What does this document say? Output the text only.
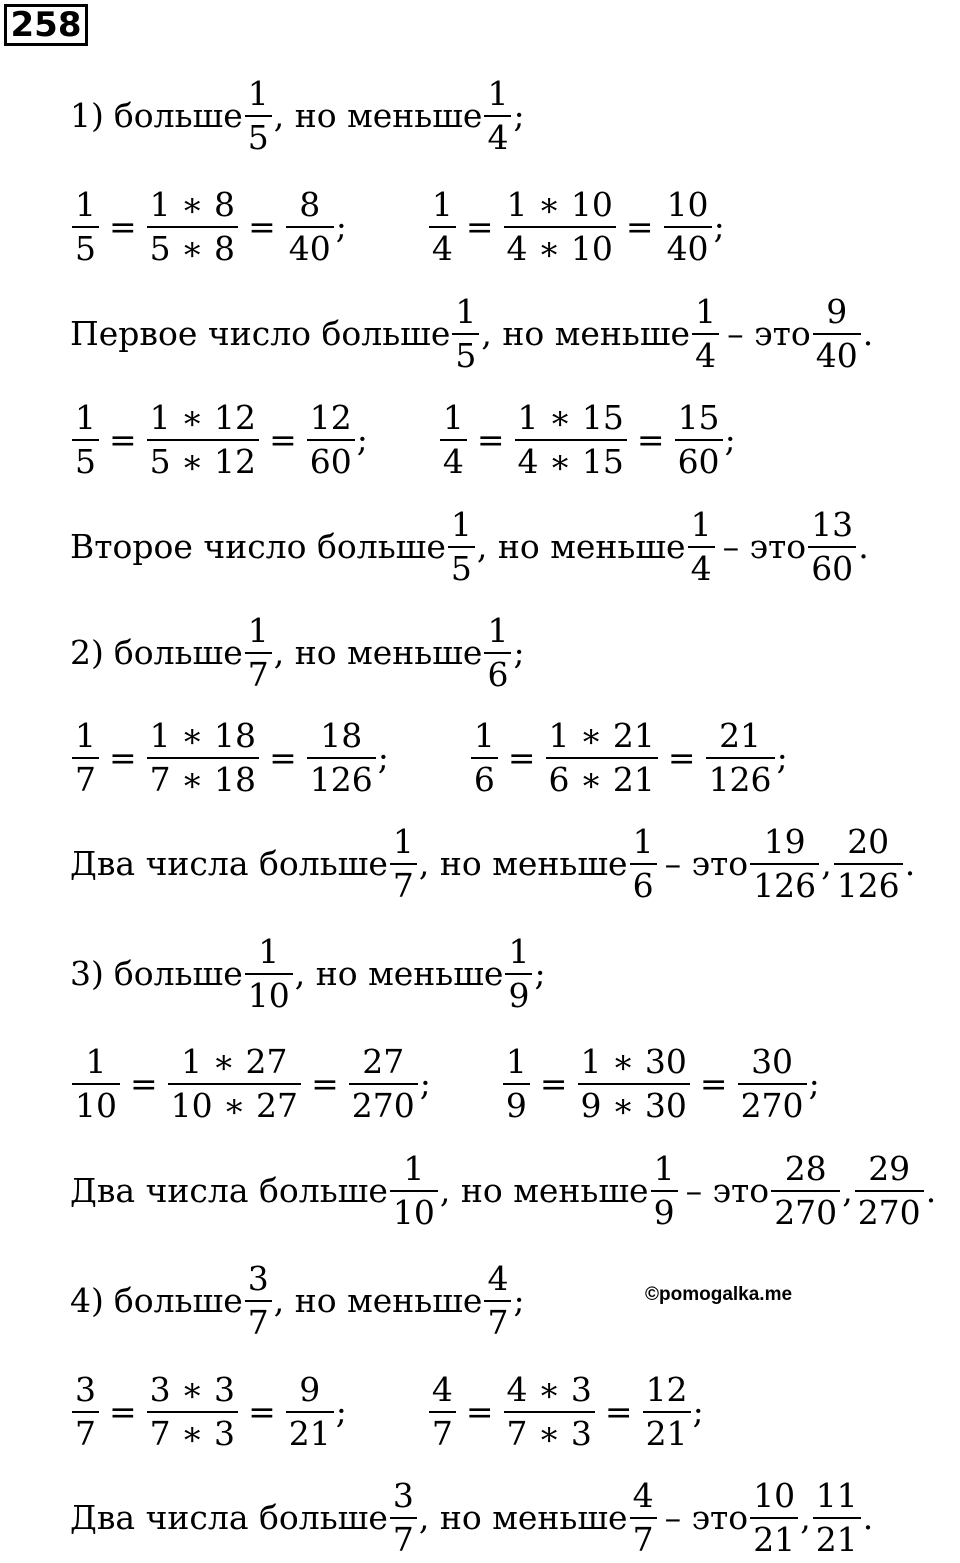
258
1) больше $\frac{1}{5}$ , но меньше $\frac{1}{4}$ ;
$\frac{1}{5} = \frac{1 ∗ 8}{5 ∗ 8} = \frac{8}{40}$ ; $\frac{1}{4} = \frac{1 ∗ 10}{4 ∗ 10} = \frac{10}{40}$ ;
Первое число больше $\frac{1}{5}$ , но меньше $\frac{1}{4}$ – это $\frac{9}{40}$ .
$\frac{1}{5} = \frac{1 ∗ 12}{5 ∗ 12} = \frac{12}{60}$ ; $\frac{1}{4} = \frac{1 ∗ 15}{4 ∗ 15} = \frac{15}{60}$ ;
Второе число больше $\frac{1}{5}$ , но меньше $\frac{1}{4}$ – это $\frac{13}{60}$ .
2) больше $\frac{1}{7}$ , но меньше $\frac{1}{6}$ ;
$\frac{1}{7} = \frac{1 ∗ 18}{7 ∗ 18} = \frac{18}{126}$ ; $\frac{1}{6} = \frac{1 ∗ 21}{6 ∗ 21} = \frac{21}{126}$ ;
Два числа больше $\frac{1}{7}$ , но меньше $\frac{1}{6}$ – это $\frac{19}{126}$ , $\frac{20}{126}$ .
3) больше $\frac{1}{10}$ , но меньше $\frac{1}{9}$ ;
$\frac{1}{10} = \frac{1 ∗ 27}{10 ∗ 27} = \frac{27}{270}$ ; $\frac{1}{9} = \frac{1 ∗ 30}{9 ∗ 30} = \frac{30}{270}$ ;
Два числа больше $\frac{1}{10}$ , но меньше $\frac{1}{9}$ – это $\frac{28}{270}$ , $\frac{29}{270}$ .
4) больше $\frac{3}{7}$ , но меньше $\frac{4}{7}$ ;	©pomogalka.me
$\frac{3}{7} = \frac{3 ∗ 3}{7 ∗ 3} = \frac{9}{21}$ ; $\frac{4}{7} = \frac{4 ∗ 3}{7 ∗ 3} = \frac{12}{21}$ ;
Два числа больше $\frac{3}{7}$ , но меньше $\frac{4}{7}$ – это $\frac{10}{21}$ , $\frac{11}{21}$ .
